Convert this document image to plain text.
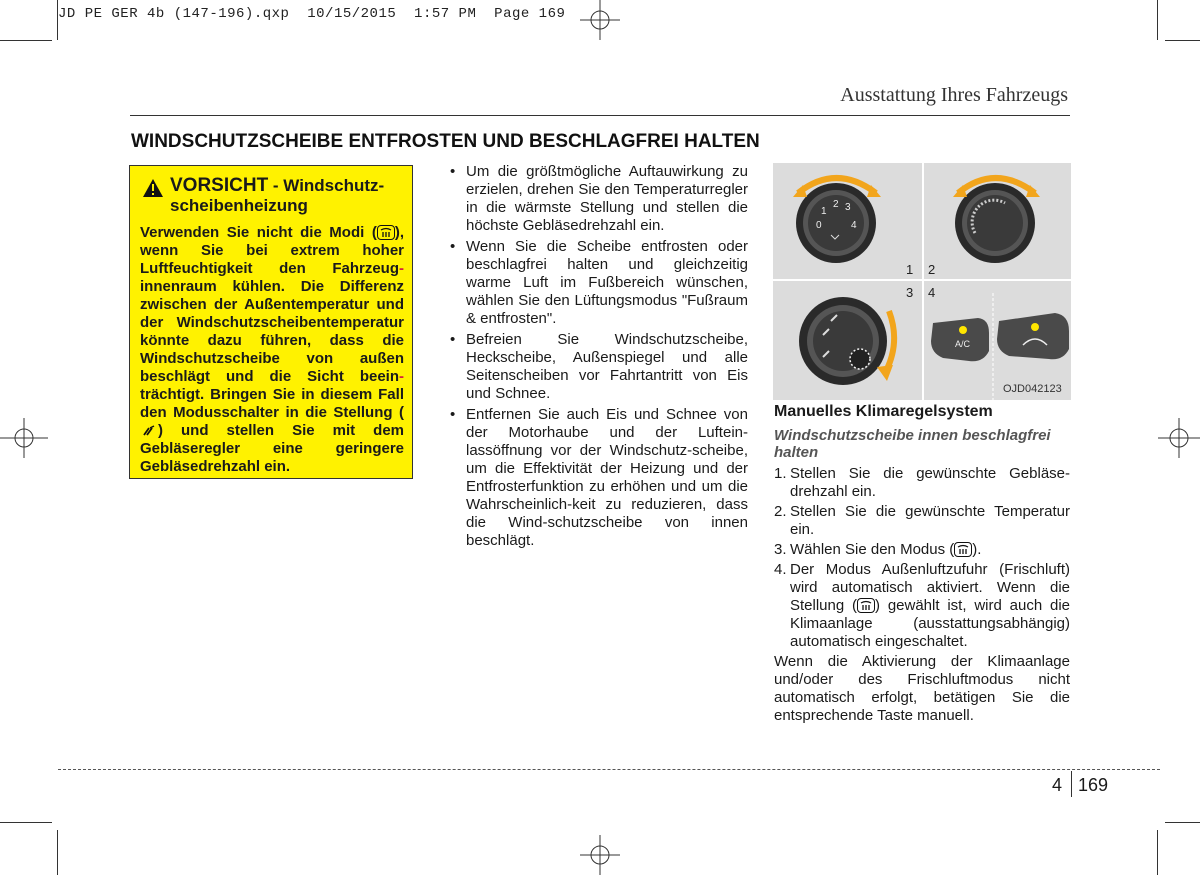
JD PE GER 4b (147-196).qxp  10/15/2015  1:57 PM  Page 169
Ausstattung Ihres Fahrzeugs
WINDSCHUTZSCHEIBE ENTFROSTEN UND BESCHLAGFREI HALTEN
VORSICHT - Windschutz-
scheibenheizung
Verwenden Sie nicht die Modi ( ), wenn Sie bei extrem hoher Luftfeuchtigkeit den Fahrzeug- innenraum kühlen. Die Differenz zwischen der Außentemperatur und der Windschutzscheibentemperatur könnte dazu führen, dass die Windschutzscheibe von außen beschlägt und die Sicht beein-trächtigt. Bringen Sie in diesem Fall den Modusschalter in die Stellung (
) und stellen Sie mit dem Gebläseregler eine geringere Gebläsedrehzahl ein.
• Um die größtmögliche Auftauwirkung zu erzielen, drehen Sie den Temperaturregler in die wärmste Stellung und stellen die höchste Gebläsedrehzahl ein.
• Wenn Sie die Scheibe entfrosten oder beschlagfrei halten und gleichzeitig warme Luft im Fußbereich wünschen, wählen Sie den Lüftungsmodus "Fußraum & entfrosten".
• Befreien Sie Windschutzscheibe, Heckscheibe, Außenspiegel und alle Seitenscheiben vor Fahrtantritt von Eis und Schnee.
• Entfernen Sie auch Eis und Schnee von der Motorhaube und der Luftein-lassöffnung vor der Windschutz-scheibe, um die Effektivität der Heizung und der Entfrosterfunktion zu erhöhen und um die Wahrscheinlich-keit zu reduzieren, dass die Wind-schutzscheibe von innen beschlägt.
1
2 3
0	4
1 2
3 4
A/C
OJD042123
Manuelles Klimaregelsystem
Windschutzscheibe innen beschlagfrei halten
1. Stellen Sie die gewünschte Gebläse-drehzahl ein.
2. Stellen Sie die gewünschte Temperatur ein.
3. Wählen Sie den Modus ( ).
4. Der Modus Außenluftzufuhr (Frischluft) wird automatisch aktiviert. Wenn die Stellung ( ) gewählt ist, wird auch die Klimaanlage (ausstattungsabhängig) automatisch eingeschaltet.
Wenn die Aktivierung der Klimaanlage und/oder des Frischluftmodus nicht automatisch erfolgt, betätigen Sie die entsprechende Taste manuell.
4 169
